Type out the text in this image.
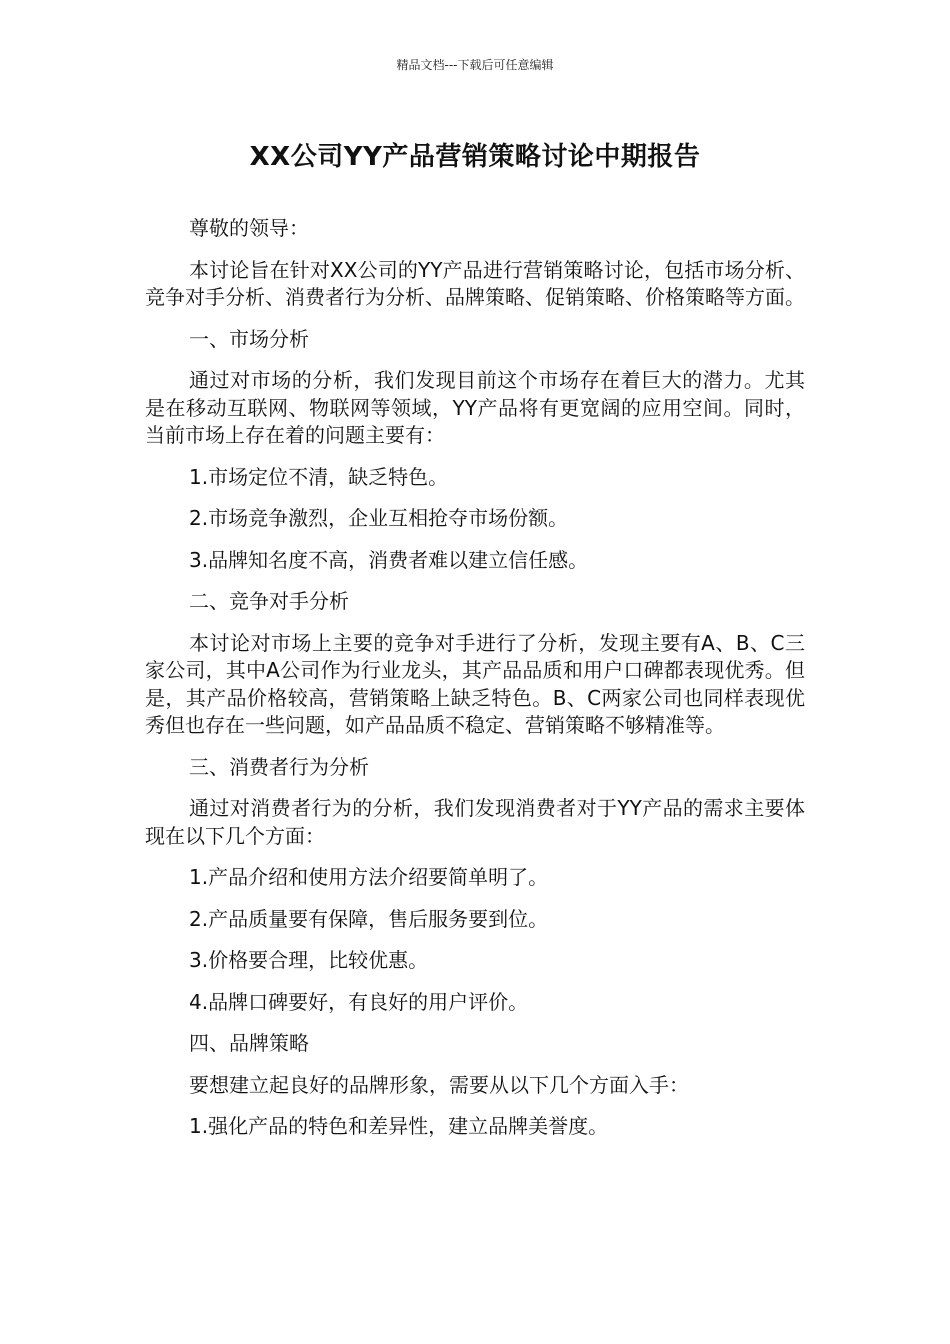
精品文档---下载后可任意编辑
XX公司YY产品营销策略讨论中期报告

尊敬的领导：

本讨论旨在针对XX公司的YY产品进行营销策略讨论，包括市场分析、竞争对手分析、消费者行为分析、品牌策略、促销策略、价格策略等方面。

一、市场分析

通过对市场的分析，我们发现目前这个市场存在着巨大的潜力。尤其是在移动互联网、物联网等领域，YY产品将有更宽阔的应用空间。同时，当前市场上存在着的问题主要有：

1.市场定位不清，缺乏特色。

2.市场竞争激烈，企业互相抢夺市场份额。

3.品牌知名度不高，消费者难以建立信任感。

二、竞争对手分析

本讨论对市场上主要的竞争对手进行了分析，发现主要有A、B、C三家公司，其中A公司作为行业龙头，其产品品质和用户口碑都表现优秀。但是，其产品价格较高，营销策略上缺乏特色。B、C两家公司也同样表现优秀但也存在一些问题，如产品品质不稳定、营销策略不够精准等。

三、消费者行为分析

通过对消费者行为的分析，我们发现消费者对于YY产品的需求主要体现在以下几个方面：

1.产品介绍和使用方法介绍要简单明了。

2.产品质量要有保障，售后服务要到位。

3.价格要合理，比较优惠。

4.品牌口碑要好，有良好的用户评价。

四、品牌策略

要想建立起良好的品牌形象，需要从以下几个方面入手：

1.强化产品的特色和差异性，建立品牌美誉度。
